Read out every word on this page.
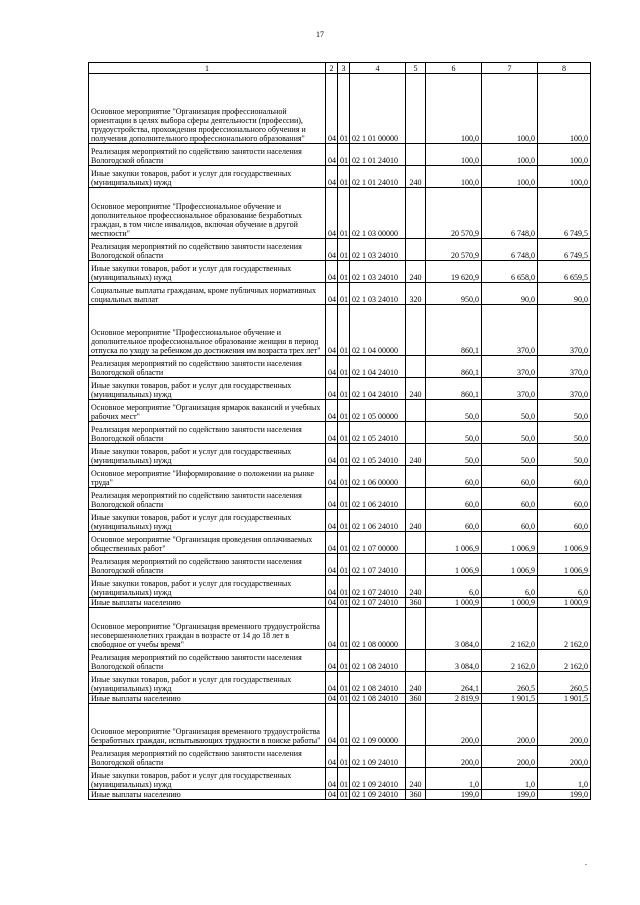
17
1	2	3	4	5	6	7	8
Основное мероприятие "Организация профессиональной ориентации в целях выбора сферы деятельности (профессии), трудоустройства, прохождения профессионального обучения и получения дополнительного профессионального образования"	04	01	02 1 01 00000		100,0	100,0	100,0
Реализация мероприятий по содействию занятости населения Вологодской области	04	01	02 1 01 24010		100,0	100,0	100,0
Иные закупки товаров, работ и услуг для государственных (муниципальных) нужд	04	01	02 1 01 24010	240	100,0	100,0	100,0
Основное мероприятие "Профессиональное обучение и дополнительное профессиональное образование безработных граждан, в том числе инвалидов, включая обучение в другой местности"	04	01	02 1 03 00000		20 570,9	6 748,0	6 749,5
Реализация мероприятий по содействию занятости населения Вологодской области	04	01	02 1 03 24010		20 570,9	6 748,0	6 749,5
Иные закупки товаров, работ и услуг для государственных (муниципальных) нужд	04	01	02 1 03 24010	240	19 620,9	6 658,0	6 659,5
Социальные выплаты гражданам, кроме публичных нормативных социальных выплат	04	01	02 1 03 24010	320	950,0	90,0	90,0
Основное мероприятие "Профессиональное обучение и дополнительное профессиональное образование женщин в период отпуска по уходу за ребенком до достижения им возраста трех лет"	04	01	02 1 04 00000		860,1	370,0	370,0
Реализация мероприятий по содействию занятости населения Вологодской области	04	01	02 1 04 24010		860,1	370,0	370,0
Иные закупки товаров, работ и услуг для государственных (муниципальных) нужд	04	01	02 1 04 24010	240	860,1	370,0	370,0
Основное мероприятие "Организация ярмарок вакансий и учебных рабочих мест"	04	01	02 1 05 00000		50,0	50,0	50,0
Реализация мероприятий по содействию занятости населения Вологодской области	04	01	02 1 05 24010		50,0	50,0	50,0
Иные закупки товаров, работ и услуг для государственных (муниципальных) нужд	04	01	02 1 05 24010	240	50,0	50,0	50,0
Основное мероприятие "Информирование о положении на рынке труда"	04	01	02 1 06 00000		60,0	60,0	60,0
Реализация мероприятий по содействию занятости населения Вологодской области	04	01	02 1 06 24010		60,0	60,0	60,0
Иные закупки товаров, работ и услуг для государственных (муниципальных) нужд	04	01	02 1 06 24010	240	60,0	60,0	60,0
Основное мероприятие "Организация проведения оплачиваемых общественных работ"	04	01	02 1 07 00000		1 006,9	1 006,9	1 006,9
Реализация мероприятий по содействию занятости населения Вологодской области	04	01	02 1 07 24010		1 006,9	1 006,9	1 006,9
Иные закупки товаров, работ и услуг для государственных (муниципальных) нужд	04	01	02 1 07 24010	240	6,0	6,0	6,0
Иные выплаты населению	04	01	02 1 07 24010	360	1 000,9	1 000,9	1 000,9
Основное мероприятие "Организация временного трудоустройства несовершеннолетних граждан в возрасте от 14 до 18 лет в свободное от учебы время"	04	01	02 1 08 00000		3 084,0	2 162,0	2 162,0
Реализация мероприятий по содействию занятости населения Вологодской области	04	01	02 1 08 24010		3 084,0	2 162,0	2 162,0
Иные закупки товаров, работ и услуг для государственных (муниципальных) нужд	04	01	02 1 08 24010	240	264,1	260,5	260,5
Иные выплаты населению	04	01	02 1 08 24010	360	2 819,9	1 901,5	1 901,5
Основное мероприятие "Организация временного трудоустройства безработных граждан, испытывающих трудности в поиске работы"	04	01	02 1 09 00000		200,0	200,0	200,0
Реализация мероприятий по содействию занятости населения Вологодской области	04	01	02 1 09 24010		200,0	200,0	200,0
Иные закупки товаров, работ и услуг для государственных (муниципальных) нужд	04	01	02 1 09 24010	240	1,0	1,0	1,0
Иные выплаты населению	04	01	02 1 09 24010	360	199,0	199,0	199,0
.
